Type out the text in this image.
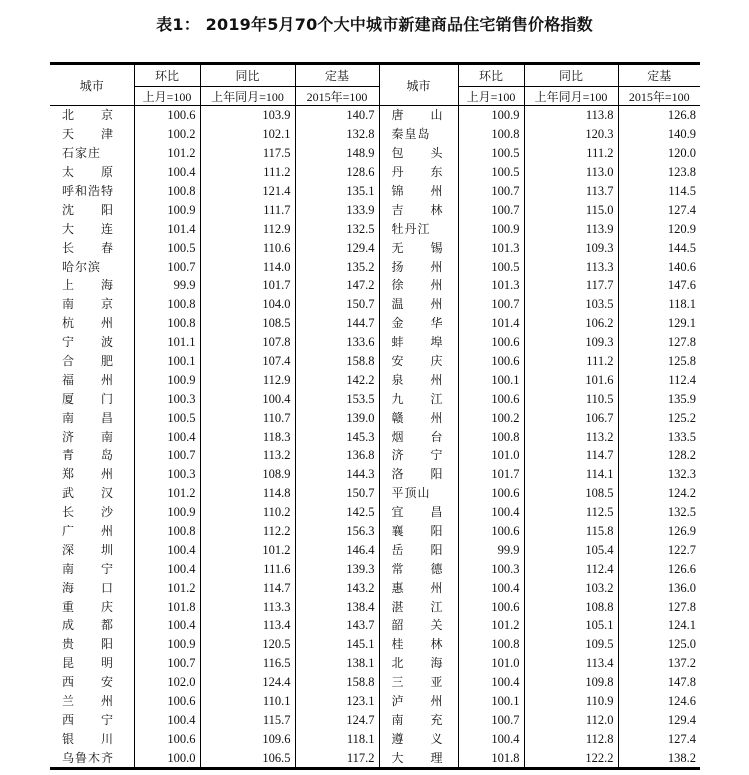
表1： 2019年5月70个大中城市新建商品住宅销售价格指数
城市	环比	同比	定基	城市	环比	同比	定基
	上月=100	上年同月=100	2015年=100		上月=100	上年同月=100	2015年=100
北　　京	100.6	103.9	140.7	唐　　山	100.9	113.8	126.8
天　　津	100.2	102.1	132.8	秦皇岛	100.8	120.3	140.9
石家庄	101.2	117.5	148.9	包　　头	100.5	111.2	120.0
太　　原	100.4	111.2	128.6	丹　　东	100.5	113.0	123.8
呼和浩特	100.8	121.4	135.1	锦　　州	100.7	113.7	114.5
沈　　阳	100.9	111.7	133.9	吉　　林	100.7	115.0	127.4
大　　连	101.4	112.9	132.5	牡丹江	100.9	113.9	120.9
长　　春	100.5	110.6	129.4	无　　锡	101.3	109.3	144.5
哈尔滨	100.7	114.0	135.2	扬　　州	100.5	113.3	140.6
上　　海	99.9	101.7	147.2	徐　　州	101.3	117.7	147.6
南　　京	100.8	104.0	150.7	温　　州	100.7	103.5	118.1
杭　　州	100.8	108.5	144.7	金　　华	101.4	106.2	129.1
宁　　波	101.1	107.8	133.6	蚌　　埠	100.6	109.3	127.8
合　　肥	100.1	107.4	158.8	安　　庆	100.6	111.2	125.8
福　　州	100.9	112.9	142.2	泉　　州	100.1	101.6	112.4
厦　　门	100.3	100.4	153.5	九　　江	100.6	110.5	135.9
南　　昌	100.5	110.7	139.0	赣　　州	100.2	106.7	125.2
济　　南	100.4	118.3	145.3	烟　　台	100.8	113.2	133.5
青　　岛	100.7	113.2	136.8	济　　宁	101.0	114.7	128.2
郑　　州	100.3	108.9	144.3	洛　　阳	101.7	114.1	132.3
武　　汉	101.2	114.8	150.7	平顶山	100.6	108.5	124.2
长　　沙	100.9	110.2	142.5	宜　　昌	100.4	112.5	132.5
广　　州	100.8	112.2	156.3	襄　　阳	100.6	115.8	126.9
深　　圳	100.4	101.2	146.4	岳　　阳	99.9	105.4	122.7
南　　宁	100.4	111.6	139.3	常　　德	100.3	112.4	126.6
海　　口	101.2	114.7	143.2	惠　　州	100.4	103.2	136.0
重　　庆	101.8	113.3	138.4	湛　　江	100.6	108.8	127.8
成　　都	100.4	113.4	143.7	韶　　关	101.2	105.1	124.1
贵　　阳	100.9	120.5	145.1	桂　　林	100.8	109.5	125.0
昆　　明	100.7	116.5	138.1	北　　海	101.0	113.4	137.2
西　　安	102.0	124.4	158.8	三　　亚	100.4	109.8	147.8
兰　　州	100.6	110.1	123.1	泸　　州	100.1	110.9	124.6
西　　宁	100.4	115.7	124.7	南　　充	100.7	112.0	129.4
银　　川	100.6	109.6	118.1	遵　　义	100.4	112.8	127.4
乌鲁木齐	100.0	106.5	117.2	大　　理	101.8	122.2	138.2
